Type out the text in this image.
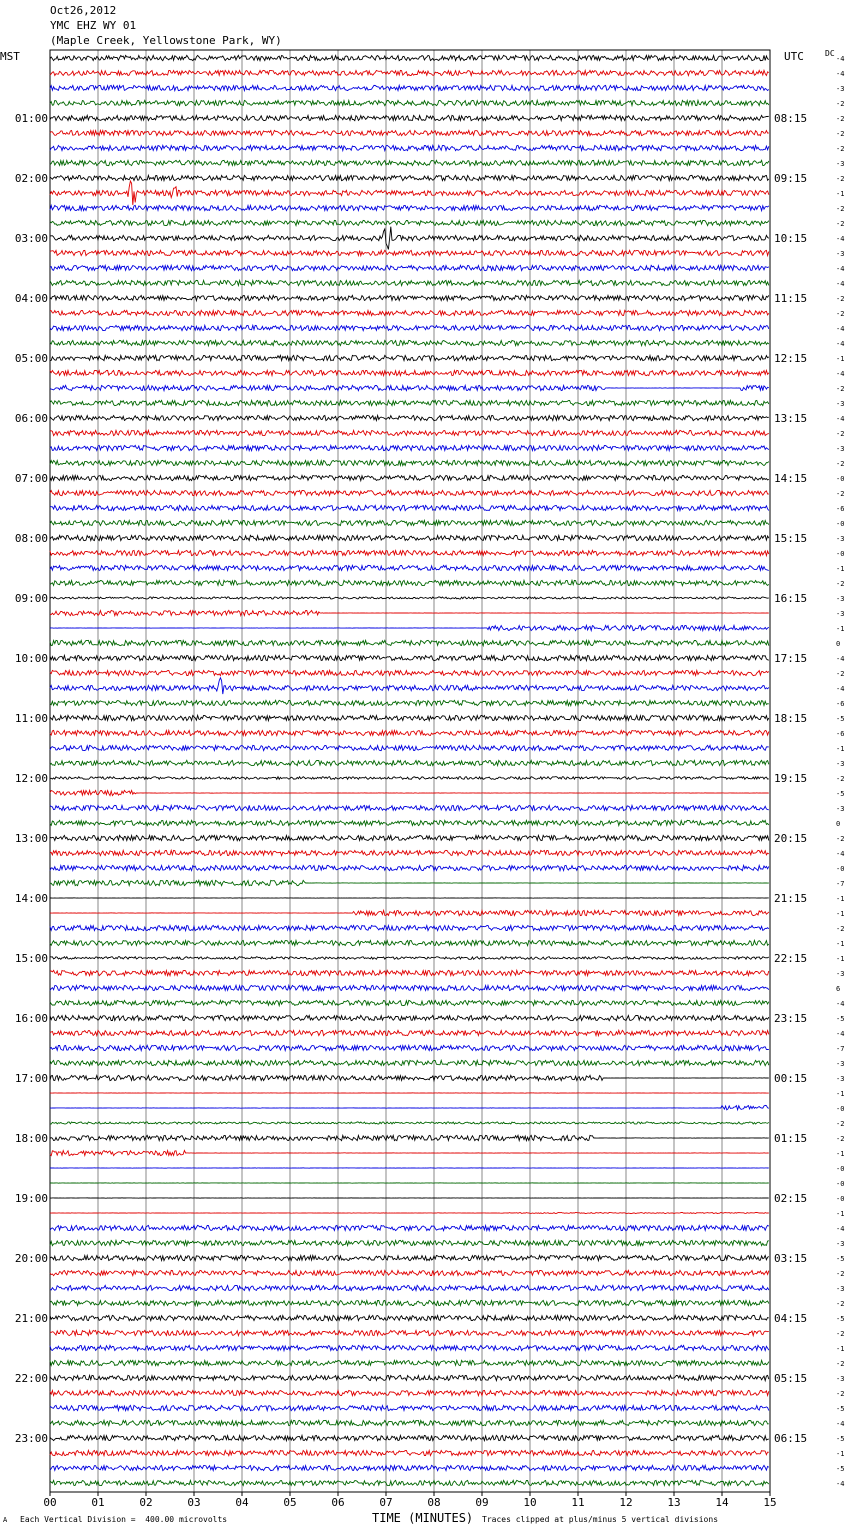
Oct26,2012
YMC EHZ WY 01
(Maple Creek, Yellowstone Park, WY)
MST	UTC	DC
01:00	08:15
02:00	09:15
03:00	10:15
04:00	11:15
05:00	12:15
06:00	13:15
07:00	14:15
08:00	15:15
09:00	16:15
10:00	17:15
11:00	18:15
12:00	19:15
13:00	20:15
14:00	21:15
15:00	22:15
16:00	23:15
17:00	00:15
18:00	01:15
19:00	02:15
20:00	03:15
21:00	04:15
22:00	05:15
23:00	06:15
-4
-4
-3
-2
-2
-2
-2
-3
-2
-1
-2
-2
-4
-3
-4
-4
-2
-2
-4
-4
-1
-4
-2
-3
-4
-2
-3
-2
-0
-2
-6
-0
-3
-0
-1
-2
-3
-3
-1
0
-4
-2
-4
-6
-5
-6
-1
-3
-2
-5
-3
0
-2
-4
-0
-7
-1
-1
-2
-1
-1
-3
6
-4
-5
-4
-7
-3
-3
-1
-0
-2
-2
-1
-0
-0
-0
-1
-4
-3
-5
-2
-3
-2
-5
-2
-1
-2
-3
-2
-5
-4
-5
-1
-5
-4
00	01	02	03	04	05	06	07	08	09	10	11	12	13	14	15
TIME (MINUTES)
A Each Vertical Division =  400.00 microvolts	Traces clipped at plus/minus 5 vertical divisions
